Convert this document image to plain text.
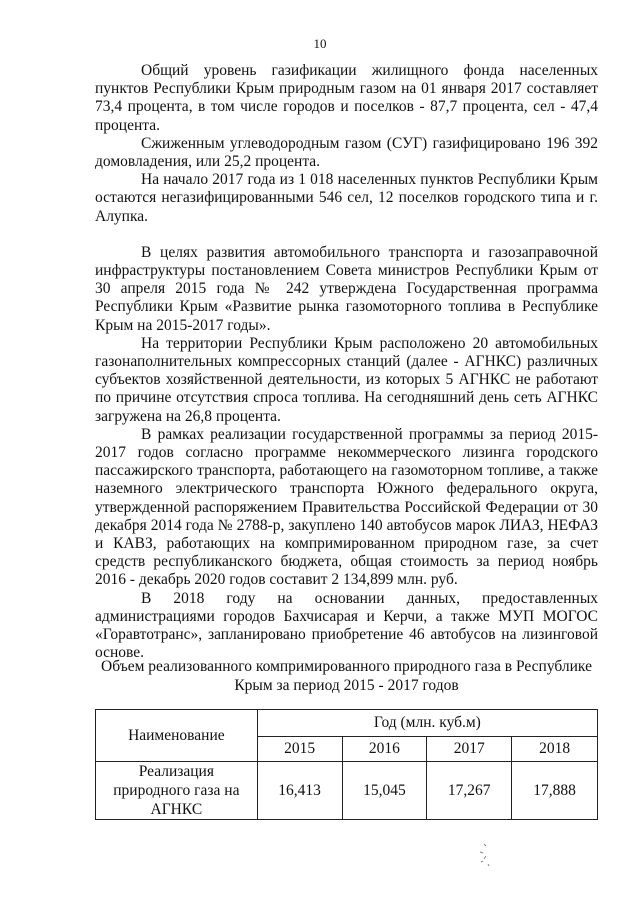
10

Общий уровень газификации жилищного фонда населенных пунктов Республики Крым природным газом на 01 января 2017 составляет 73,4 процента, в том числе городов и поселков - 87,7 процента, сел - 47,4 процента.

Сжиженным углеводородным газом (СУГ) газифицировано 196 392 домовладения, или 25,2 процента.

На начало 2017 года из 1 018 населенных пунктов Республики Крым остаются негазифицированными 546 сел, 12 поселков городского типа и г. Алупка.

В целях развития автомобильного транспорта и газозаправочной инфраструктуры постановлением Совета министров Республики Крым от 30 апреля 2015 года № 242 утверждена Государственная программа Республики Крым «Развитие рынка газомоторного топлива в Республике Крым на 2015-2017 годы».

На территории Республики Крым расположено 20 автомобильных газонаполнительных компрессорных станций (далее - АГНКС) различных субъектов хозяйственной деятельности, из которых 5 АГНКС не работают по причине отсутствия спроса топлива. На сегодняшний день сеть АГНКС загружена на 26,8 процента.

В рамках реализации государственной программы за период 2015-2017 годов согласно программе некоммерческого лизинга городского пассажирского транспорта, работающего на газомоторном топливе, а также наземного электрического транспорта Южного федерального округа, утвержденной распоряжением Правительства Российской Федерации от 30 декабря 2014 года № 2788-р, закуплено 140 автобусов марок ЛИАЗ, НЕФАЗ и КАВЗ, работающих на компримированном природном газе, за счет средств республиканского бюджета, общая стоимость за период ноябрь 2016 - декабрь 2020 годов составит 2 134,899 млн. руб.

В 2018 году на основании данных, предоставленных администрациями городов Бахчисарая и Керчи, а также МУП МОГОС «Горавтотранс», запланировано приобретение 46 автобусов на лизинговой основе.

Объем реализованного компримированного природного газа в Республике Крым за период 2015 - 2017 годов
Наименование	Год (млн. куб.м)			
	2015	2016	2017	2018
Реализация природного газа на АГНКС	16,413	15,045	17,267	17,888
